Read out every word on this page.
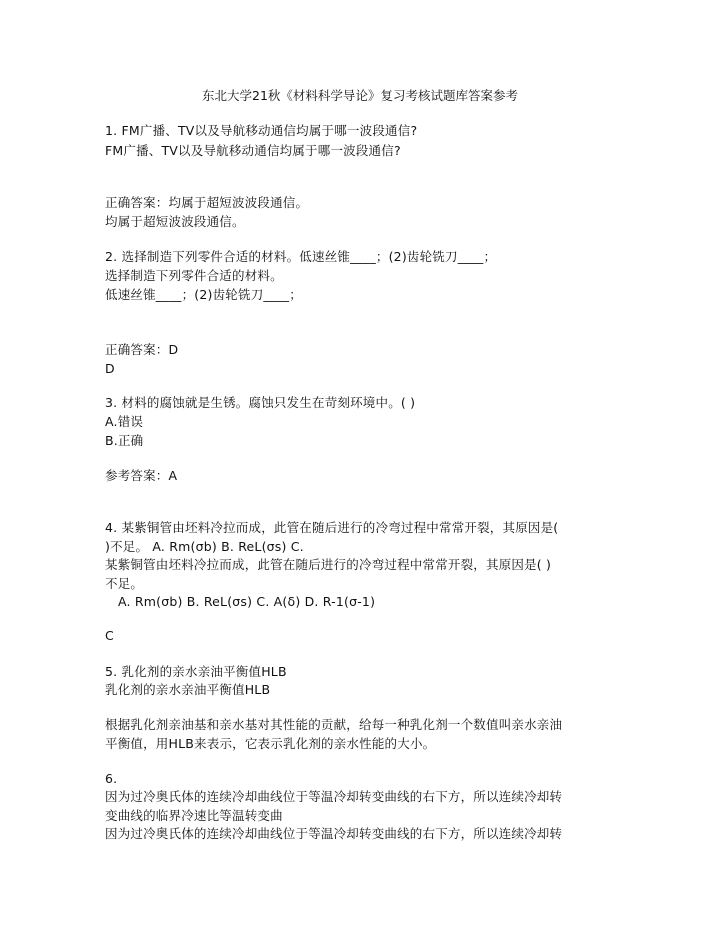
东北大学21秋《材料科学导论》复习考核试题库答案参考
1. FM广播、TV以及导航移动通信均属于哪一波段通信?
FM广播、TV以及导航移动通信均属于哪一波段通信?
正确答案：均属于超短波波段通信。
均属于超短波波段通信。
2. 选择制造下列零件合适的材料。低速丝锥____；(2)齿轮铣刀____；
选择制造下列零件合适的材料。
低速丝锥____；(2)齿轮铣刀____；
正确答案：D
D
3. 材料的腐蚀就是生锈。腐蚀只发生在苛刻环境中。( )
A.错误
B.正确
参考答案：A
4. 某紫铜管由坯料冷拉而成，此管在随后进行的冷弯过程中常常开裂，其原因是(
)不足。 A. Rm(σb) B. ReL(σs) C.
某紫铜管由坯料冷拉而成，此管在随后进行的冷弯过程中常常开裂，其原因是( )
不足。
A. Rm(σb) B. ReL(σs) C. A(δ) D. R-1(σ-1)
C
5. 乳化剂的亲水亲油平衡值HLB
乳化剂的亲水亲油平衡值HLB
根据乳化剂亲油基和亲水基对其性能的贡献，给每一种乳化剂一个数值叫亲水亲油
平衡值，用HLB来表示，它表示乳化剂的亲水性能的大小。
6.
因为过冷奥氏体的连续冷却曲线位于等温冷却转变曲线的右下方，所以连续冷却转
变曲线的临界冷速比等温转变曲
因为过冷奥氏体的连续冷却曲线位于等温冷却转变曲线的右下方，所以连续冷却转
